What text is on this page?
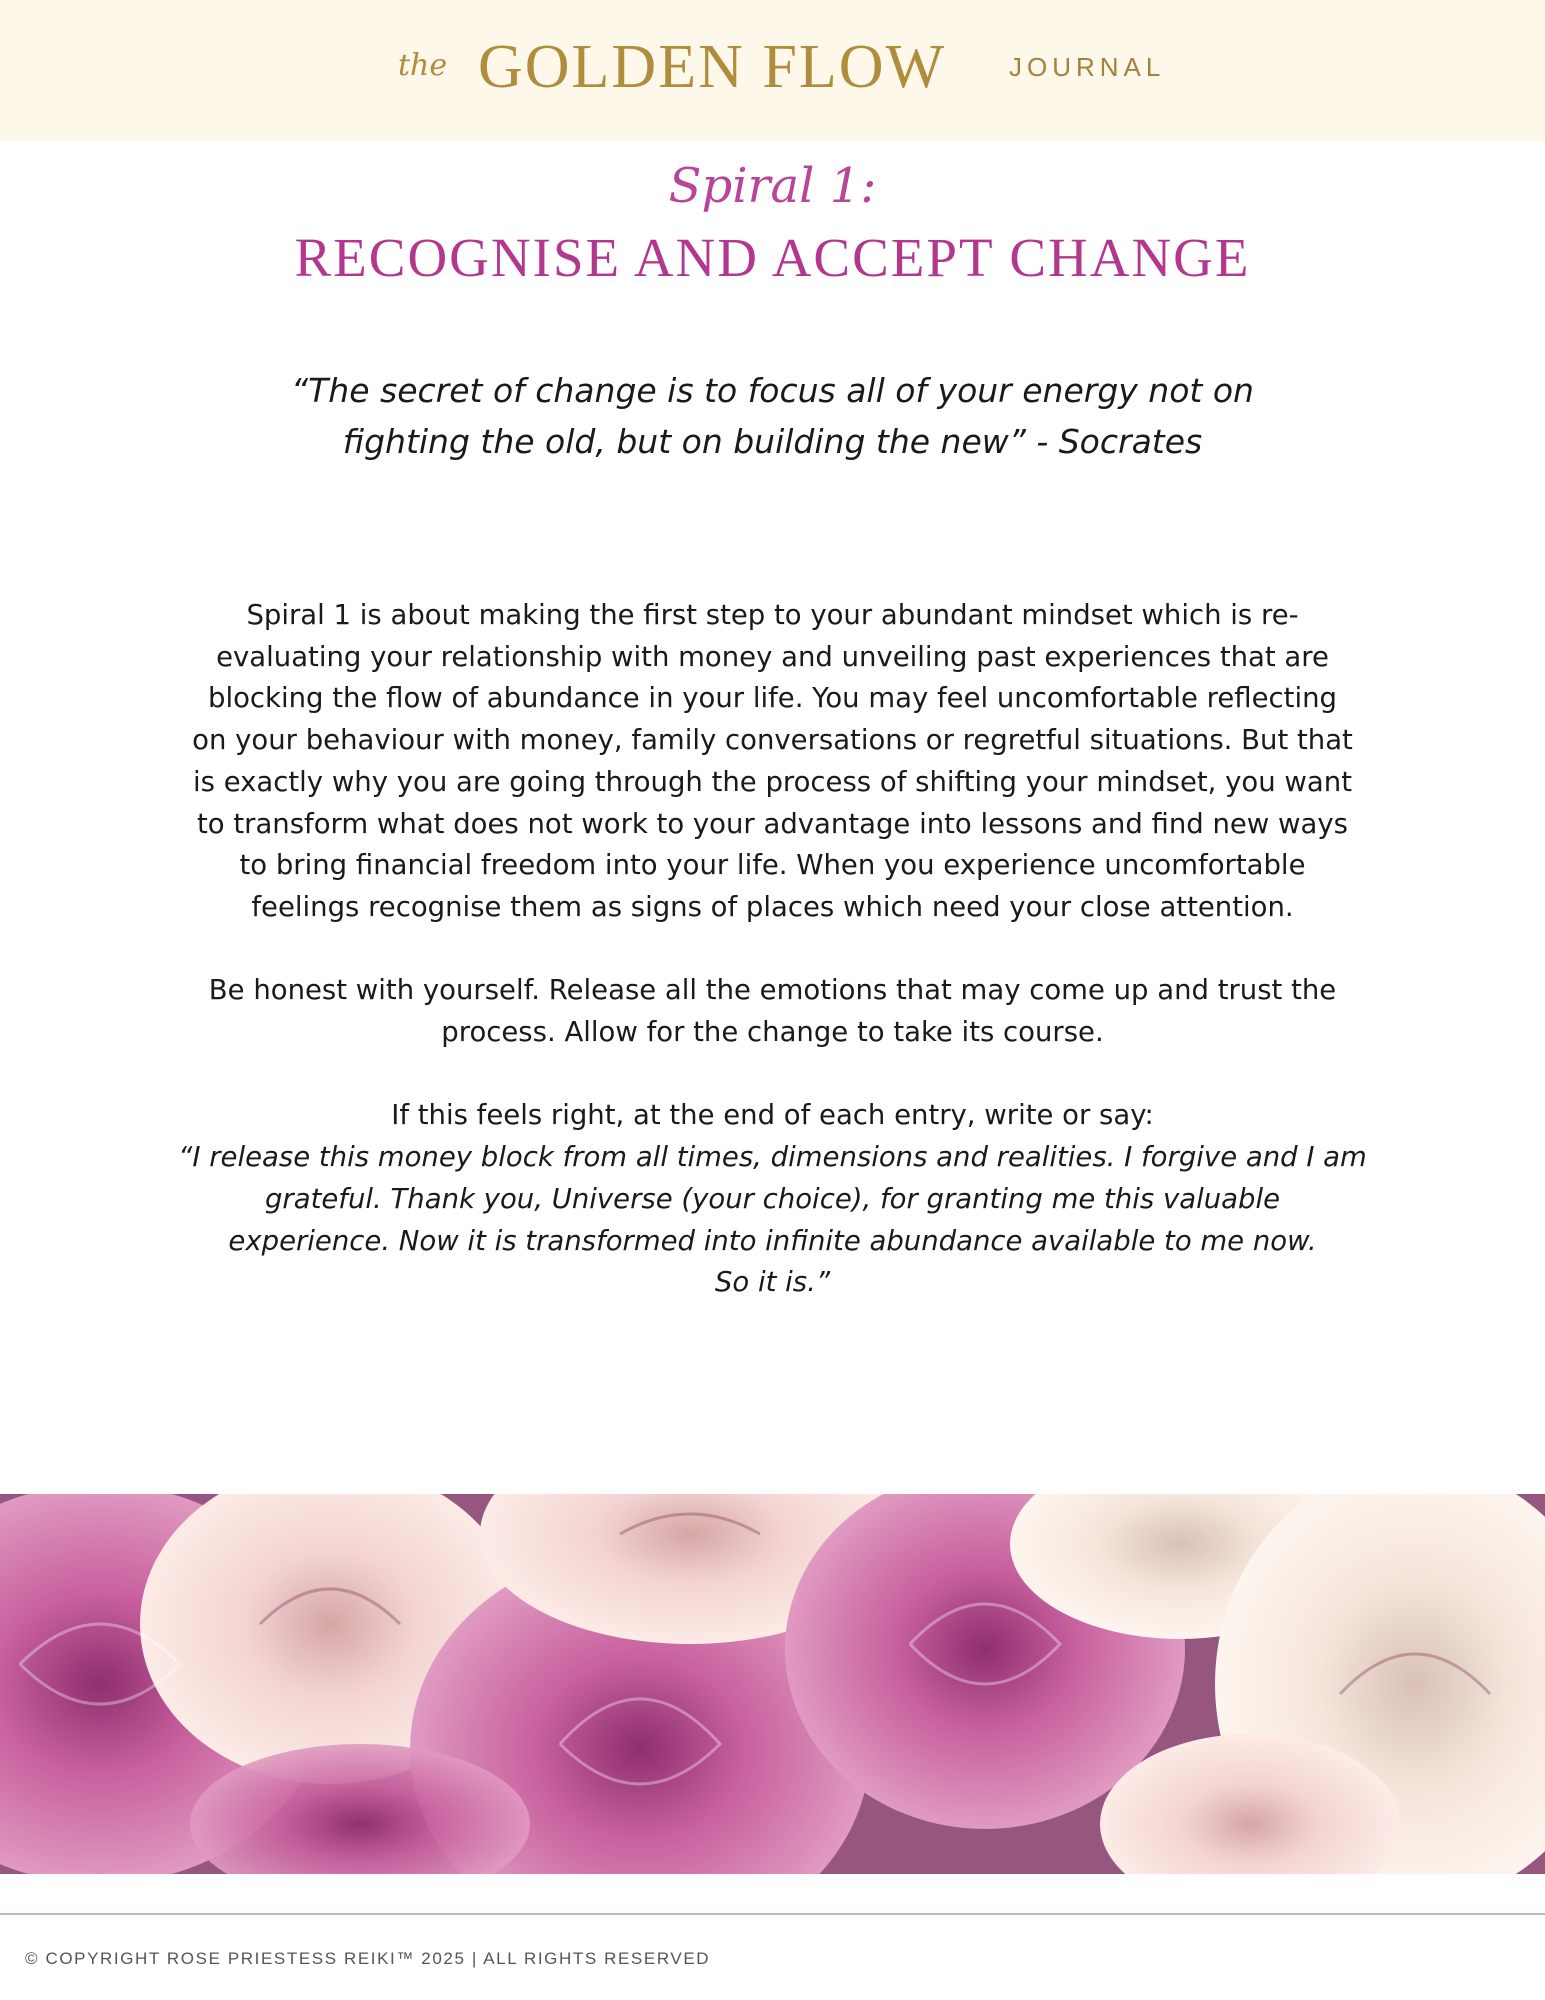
the GOLDEN FLOW JOURNAL
Spiral 1:
RECOGNISE AND ACCEPT CHANGE
“The secret of change is to focus all of your energy not on
fighting the old, but on building the new” - Socrates

Spiral 1 is about making the first step to your abundant mindset which is re-
evaluating your relationship with money and unveiling past experiences that are
blocking the flow of abundance in your life. You may feel uncomfortable reflecting
on your behaviour with money, family conversations or regretful situations. But that
is exactly why you are going through the process of shifting your mindset, you want
to transform what does not work to your advantage into lessons and find new ways
to bring financial freedom into your life. When you experience uncomfortable
feelings recognise them as signs of places which need your close attention.

Be honest with yourself. Release all the emotions that may come up and trust the
process. Allow for the change to take its course.

If this feels right, at the end of each entry, write or say:
“I release this money block from all times, dimensions and realities. I forgive and I am
grateful. Thank you, Universe (your choice), for granting me this valuable
experience. Now it is transformed into infinite abundance available to me now.
So it is.”

© COPYRIGHT ROSE PRIESTESS REIKI™ 2025 | ALL RIGHTS RESERVED
